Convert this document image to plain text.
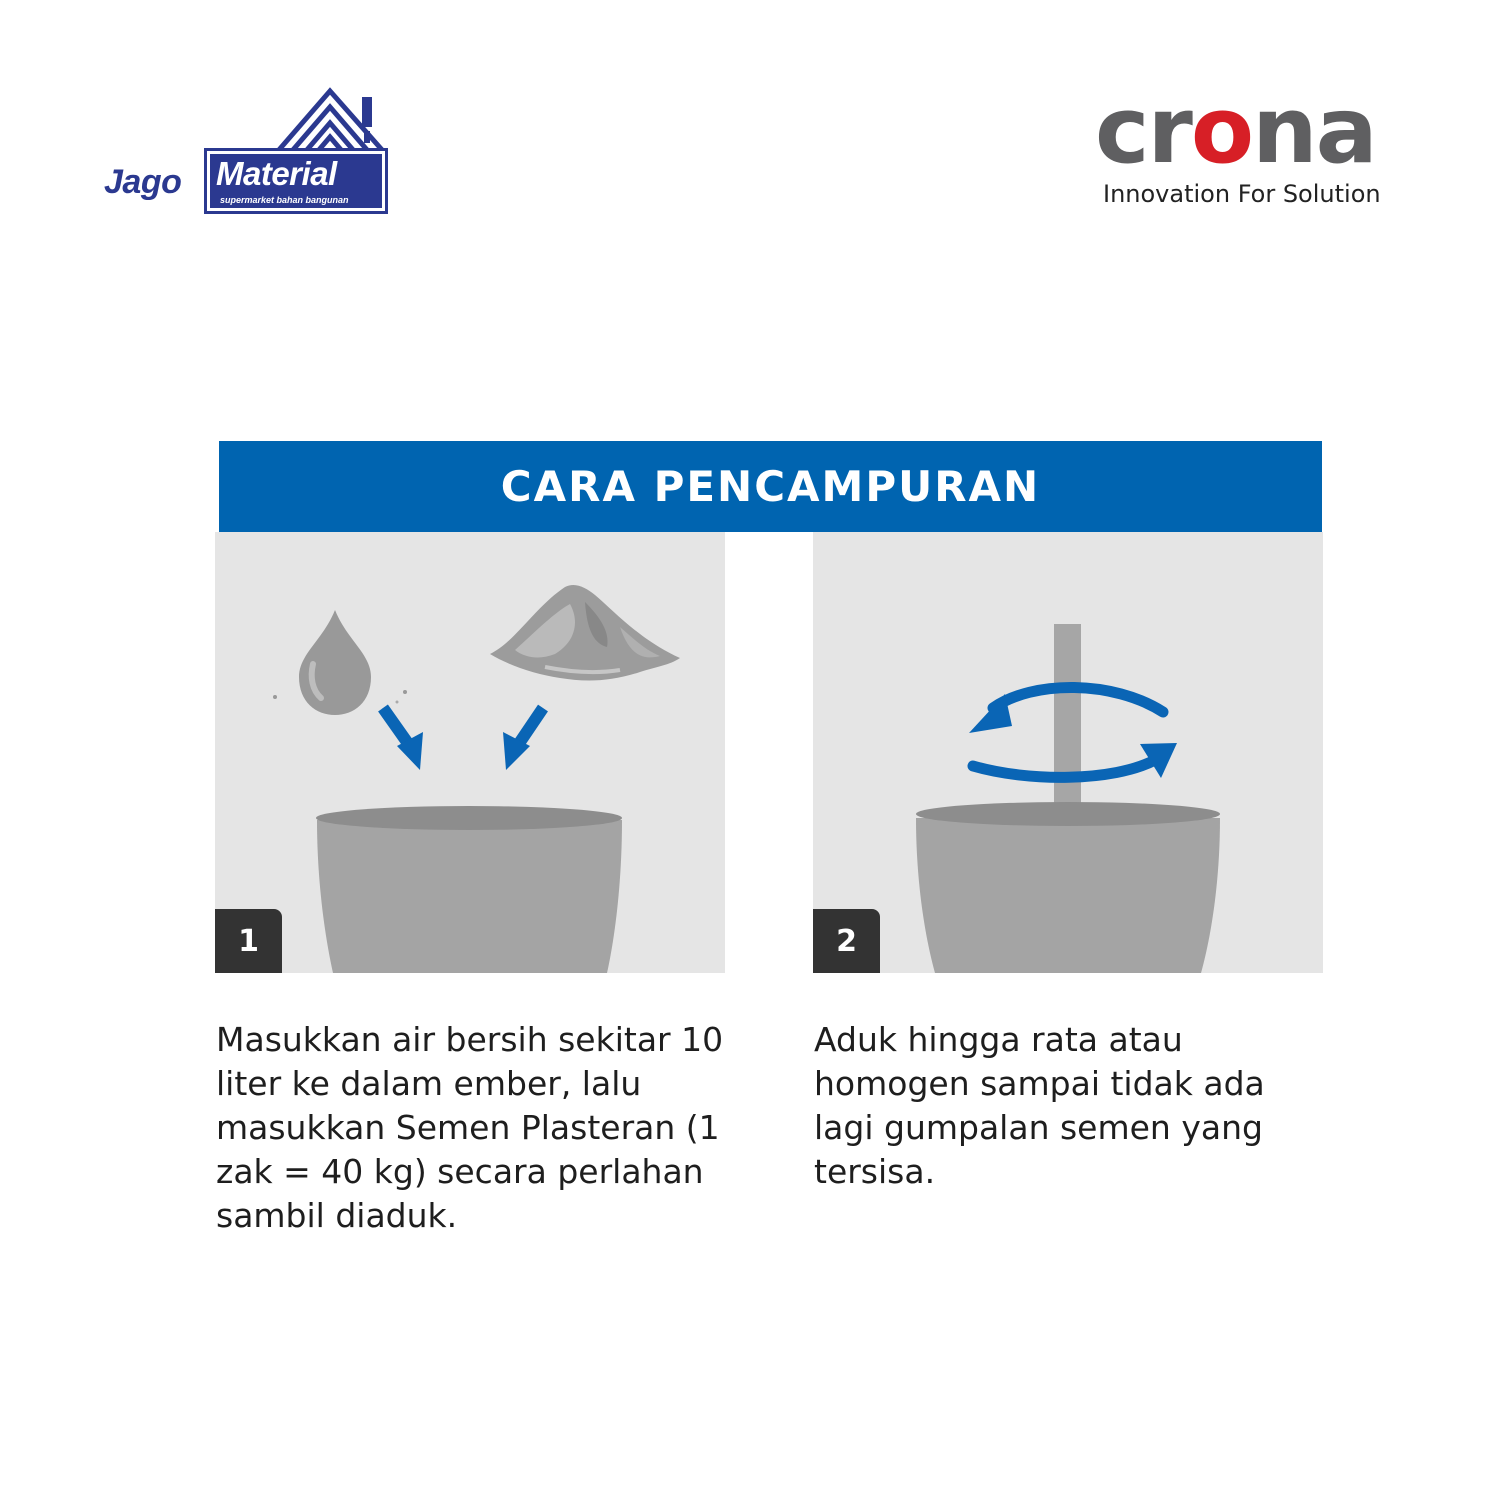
Jago Material
supermarket bahan bangunan
crona
Innovation For Solution
CARA PENCAMPURAN
1	2
Masukkan air bersih sekitar 10 liter ke dalam ember, lalu masukkan Semen Plasteran (1 zak = 40 kg) secara perlahan sambil diaduk.
Aduk hingga rata atau homogen sampai tidak ada lagi gumpalan semen yang tersisa.
